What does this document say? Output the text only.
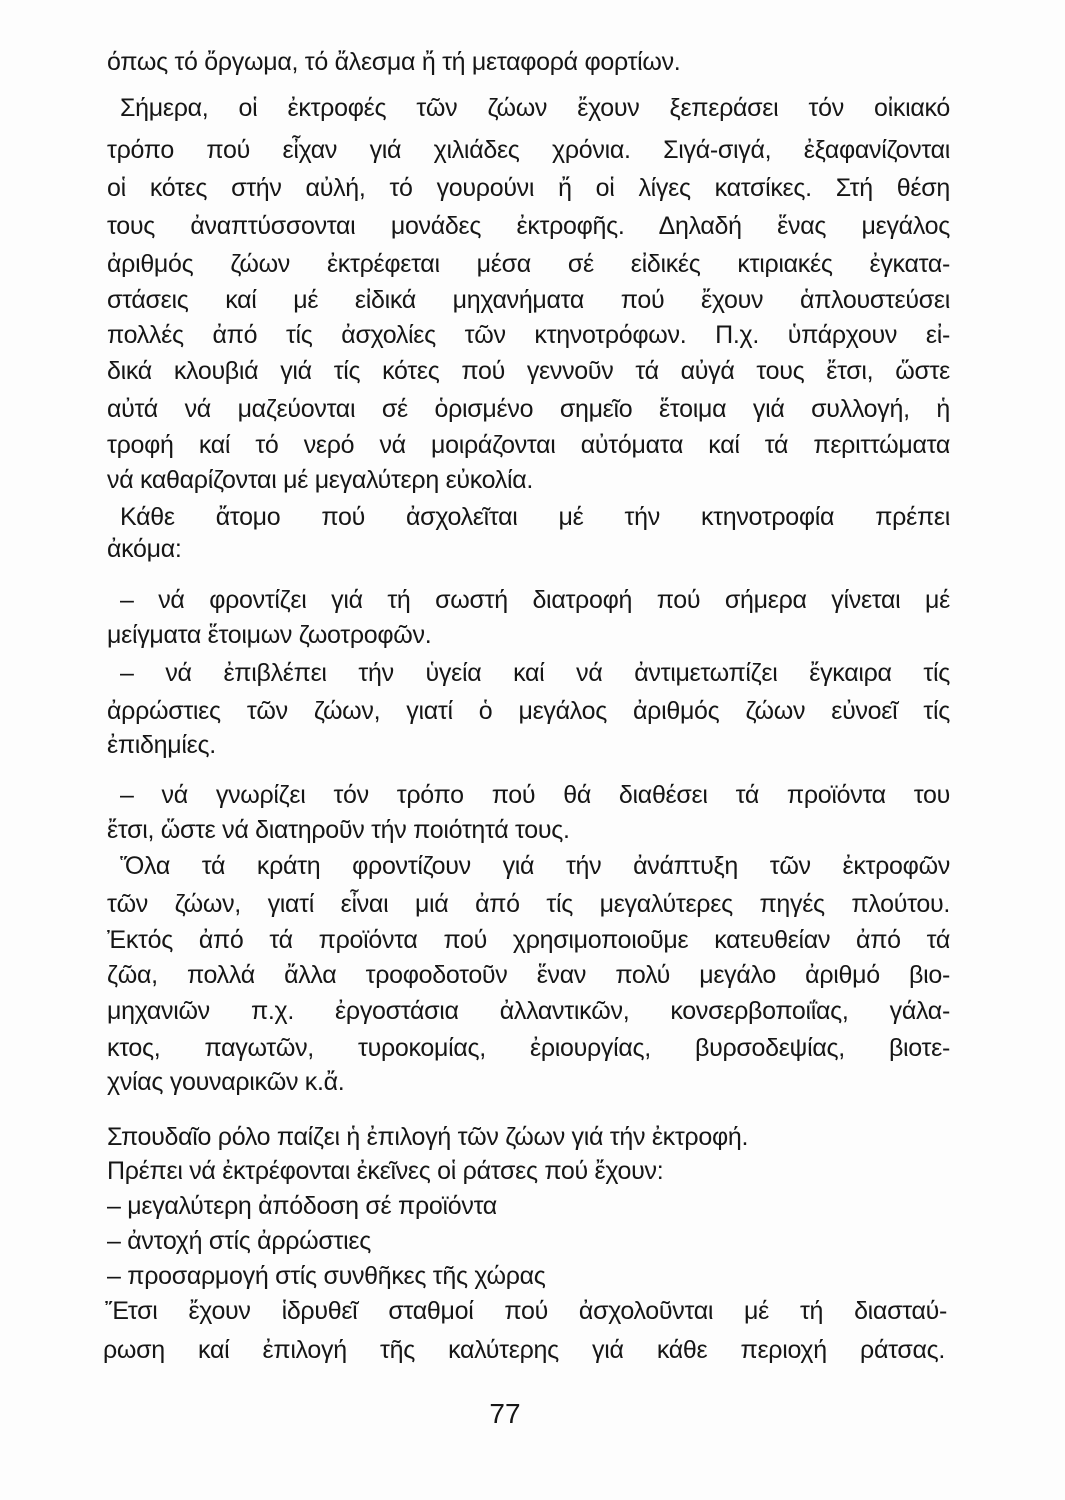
όπως τό ὄργωμα, τό ἄλεσμα ἤ τή μεταφορά φορτίων.
Σήμερα, οἱ ἐκτροφές τῶν ζώων ἔχουν ξεπεράσει τόν οἰκιακό
τρόπο πού εἶχαν γιά χιλιάδες χρόνια. Σιγά-σιγά, ἐξαφανίζονται
οἱ κότες στήν αὐλή, τό γουρούνι ἤ οἱ λίγες κατσίκες. Στή θέση
τους ἀναπτύσσονται μονάδες ἐκτροφῆς. Δηλαδή ἕνας μεγάλος
ἀριθμός ζώων ἐκτρέφεται μέσα σέ εἰδικές κτιριακές ἐγκατα-
στάσεις καί μέ εἰδικά μηχανήματα πού ἔχουν ἁπλουστεύσει
πολλές ἀπό τίς ἀσχολίες τῶν κτηνοτρόφων. Π.χ. ὑπάρχουν εἰ-
δικά κλουβιά γιά τίς κότες πού γεννοῦν τά αὐγά τους ἔτσι, ὥστε
αὐτά νά μαζεύονται σέ ὁρισμένο σημεῖο ἕτοιμα γιά συλλογή, ἡ
τροφή καί τό νερό νά μοιράζονται αὐτόματα καί τά περιττώματα
νά καθαρίζονται μέ μεγαλύτερη εὐκολία.
Κάθε ἄτομο πού ἀσχολεῖται μέ τήν κτηνοτροφία πρέπει
ἀκόμα:
– νά φροντίζει γιά τή σωστή διατροφή πού σήμερα γίνεται μέ
μείγματα ἕτοιμων ζωοτροφῶν.
– νά ἐπιβλέπει τήν ὑγεία καί νά ἀντιμετωπίζει ἔγκαιρα τίς
ἀρρώστιες τῶν ζώων, γιατί ὁ μεγάλος ἀριθμός ζώων εὐνοεῖ τίς
ἐπιδημίες.
– νά γνωρίζει τόν τρόπο πού θά διαθέσει τά προϊόντα του
ἔτσι, ὥστε νά διατηροῦν τήν ποιότητά τους.
Ὅλα τά κράτη φροντίζουν γιά τήν ἀνάπτυξη τῶν ἐκτροφῶν
τῶν ζώων, γιατί εἶναι μιά ἀπό τίς μεγαλύτερες πηγές πλούτου.
Ἐκτός ἀπό τά προϊόντα πού χρησιμοποιοῦμε κατευθείαν ἀπό τά
ζῶα, πολλά ἄλλα τροφοδοτοῦν ἕναν πολύ μεγάλο ἀριθμό βιο-
μηχανιῶν π.χ. ἐργοστάσια ἀλλαντικῶν, κονσερβοποιΐας, γάλα-
κτος, παγωτῶν, τυροκομίας, ἐριουργίας, βυρσοδεψίας, βιοτε-
χνίας γουναρικῶν κ.ἄ.
Σπουδαῖο ρόλο παίζει ἡ ἐπιλογή τῶν ζώων γιά τήν ἐκτροφή.
Πρέπει νά ἐκτρέφονται ἐκεῖνες οἱ ράτσες πού ἔχουν:
– μεγαλύτερη ἀπόδοση σέ προϊόντα
– ἀντοχή στίς ἀρρώστιες
– προσαρμογή στίς συνθῆκες τῆς χώρας
Ἔτσι ἔχουν ἱδρυθεῖ σταθμοί πού ἀσχολοῦνται μέ τή διασταύ-
ρωση καί ἐπιλογή τῆς καλύτερης γιά κάθε περιοχή ράτσας.
77
